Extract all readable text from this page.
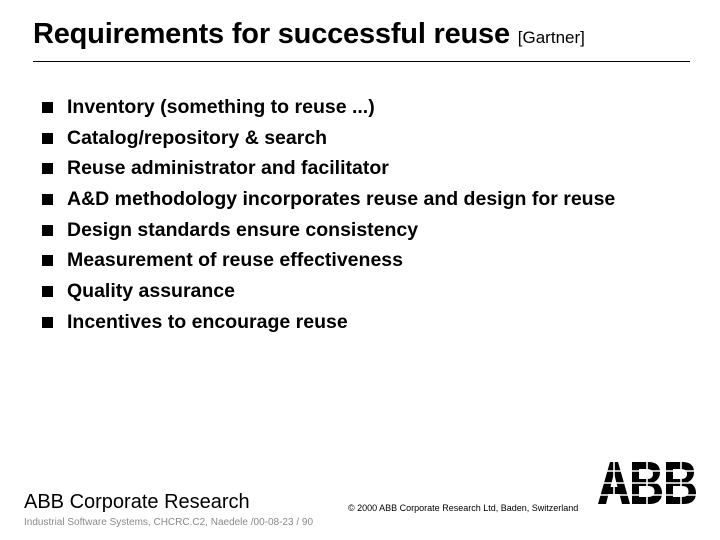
Requirements for successful reuse [Gartner]
Inventory (something to reuse ...)
Catalog/repository & search
Reuse administrator and facilitator
A&D methodology incorporates reuse and design for reuse
Design standards ensure consistency
Measurement of reuse effectiveness
Quality assurance
Incentives to encourage reuse
ABB Corporate Research
Industrial Software Systems, CHCRC.C2, Naedele /00-08-23 / 90
© 2000 ABB Corporate Research Ltd, Baden, Switzerland
